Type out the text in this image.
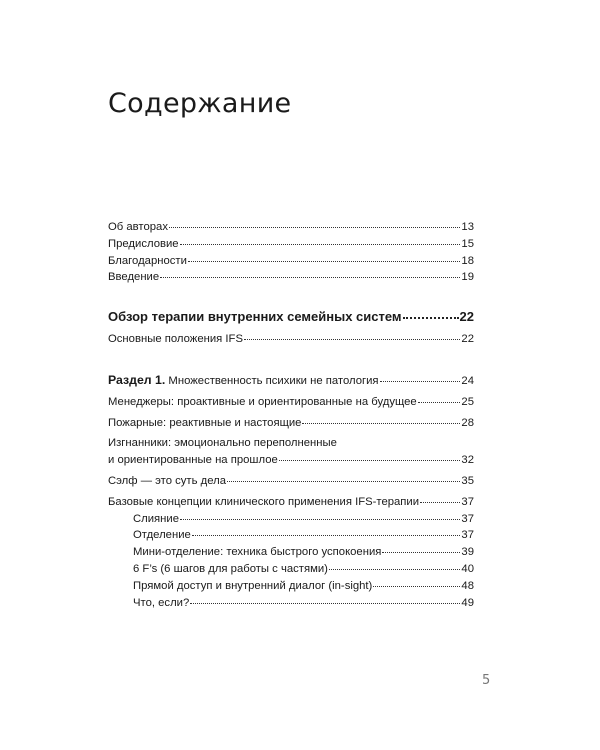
Содержание
Об авторах	13
Предисловие	15
Благодарности	18
Введение	19
Обзор терапии внутренних семейных систем	22
Основные положения IFS	22
Раздел 1. Множественность психики не патология	24
Менеджеры: проактивные и ориентированные на будущее	25
Пожарные: реактивные и настоящие	28
Изгнанники: эмоционально переполненные
и ориентированные на прошлое	32
Сэлф — это суть дела	35
Базовые концепции клинического применения IFS-терапии	37
Слияние	37
Отделение	37
Мини-отделение: техника быстрого успокоения	39
6 F’s (6 шагов для работы с частями)	40
Прямой доступ и внутренний диалог (in-sight)	48
Что, если?	49
5
